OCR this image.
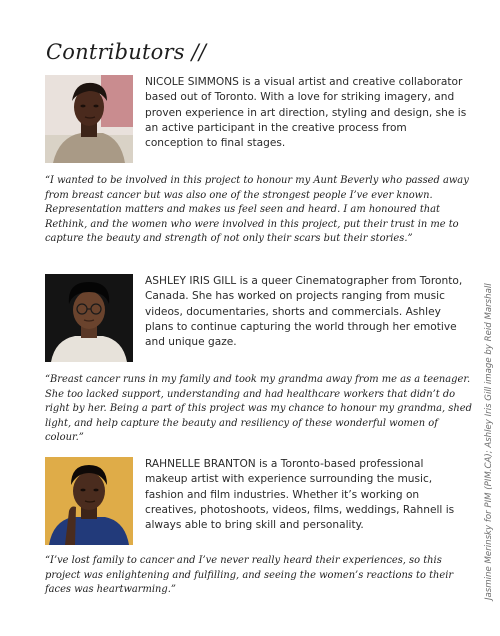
Contributors //
NICOLE SIMMONS is a visual artist and creative collaborator based out of Toronto. With a love for striking imagery, and proven experience in art direction, styling and design, she is an active participant in the creative process from conception to final stages.
“I wanted to be involved in this project to honour my Aunt Beverly who passed away from breast cancer but was also one of the strongest people I’ve ever known. Representation matters and makes us feel seen and heard. I am honoured that Rethink, and the women who were involved in this project, put their trust in me to capture the beauty and strength of not only their scars but their stories.”
ASHLEY IRIS GILL is a queer Cinematographer from Toronto, Canada. She has worked on projects ranging from music videos, documentaries, shorts and commercials. Ashley plans to continue capturing the world through her emotive and unique gaze.
“Breast cancer runs in my family and took my grandma away from me as a teenager. She too lacked support, understanding and had healthcare workers that didn’t do right by her. Being a part of this project was my chance to honour my grandma, shed light, and help capture the beauty and resiliency of these wonderful women of colour.”
RAHNELLE BRANTON is a Toronto-based professional makeup artist with experience surrounding the music, fashion and film industries. Whether it’s working on creatives, photoshoots, videos, films, weddings, Rahnell is always able to bring skill and personality.
“I’ve lost family to cancer and I’ve never really heard their experiences, so this project was enlightening and fulfilling, and seeing the women’s reactions to their faces was heartwarming.”	Jasmine Merinsky for PIM (PIM.CA); Ashley Iris Gill image by Reid Marshall
